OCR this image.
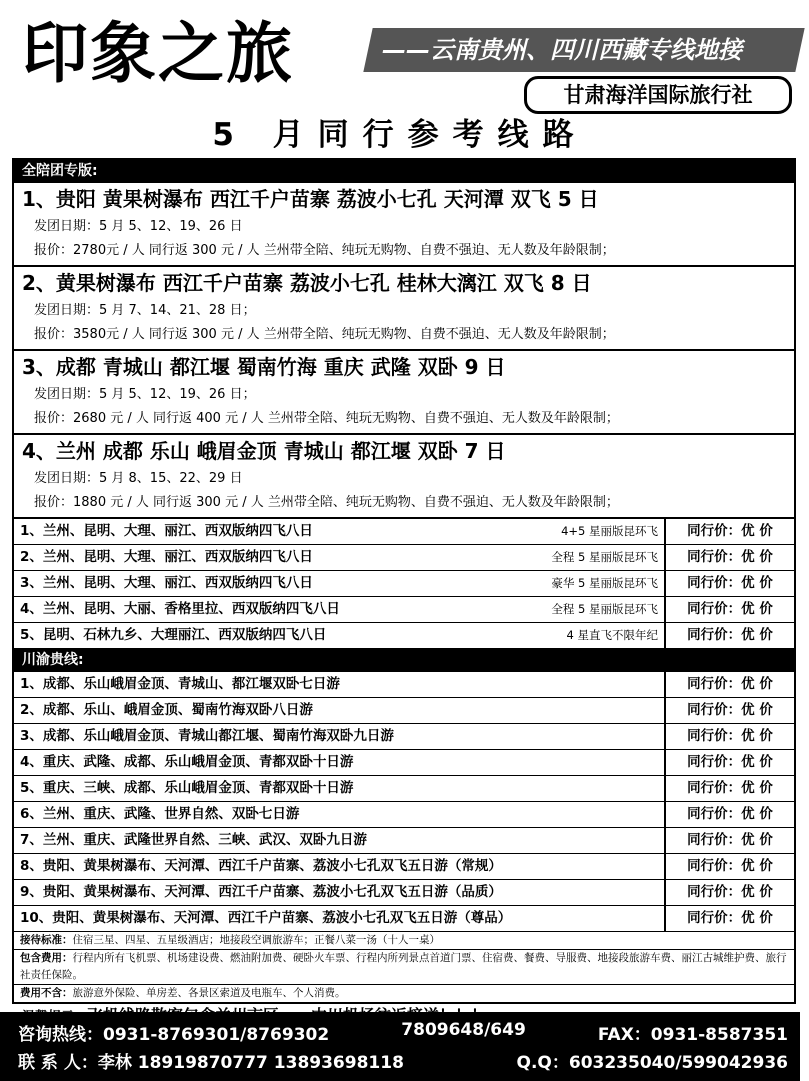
印象之旅	——云南贵州、四川西藏专线地接
甘肃海洋国际旅行社
5 月同行参考线路
全陪团专版:
1、贵阳 黄果树瀑布 西江千户苗寨 荔波小七孔 天河潭 双飞 5 日
发团日期：5 月 5、12、19、26 日
报价：2780元 / 人 同行返 300 元 / 人 兰州带全陪、纯玩无购物、自费不强迫、无人数及年龄限制；
2、黄果树瀑布 西江千户苗寨 荔波小七孔 桂林大漓江 双飞 8 日
发团日期：5 月 7、14、21、28 日；
报价：3580元 / 人 同行返 300 元 / 人 兰州带全陪、纯玩无购物、自费不强迫、无人数及年龄限制；
3、成都 青城山 都江堰 蜀南竹海 重庆 武隆 双卧 9 日
发团日期：5 月 5、12、19、26 日；
报价：2680 元 / 人 同行返 400 元 / 人 兰州带全陪、纯玩无购物、自费不强迫、无人数及年龄限制；
4、兰州 成都 乐山 峨眉金顶 青城山 都江堰 双卧 7 日
发团日期：5 月 8、15、22、29 日
报价：1880 元 / 人 同行返 300 元 / 人 兰州带全陪、纯玩无购物、自费不强迫、无人数及年龄限制；
1、兰州、昆明、大理、丽江、西双版纳四飞八日	4+5 星丽版昆环飞	同行价：优 价
2、兰州、昆明、大理、丽江、西双版纳四飞八日	全程 5 星丽版昆环飞	同行价：优 价
3、兰州、昆明、大理、丽江、西双版纳四飞八日	豪华 5 星丽版昆环飞	同行价：优 价
4、兰州、昆明、大丽、香格里拉、西双版纳四飞八日	全程 5 星丽版昆环飞	同行价：优 价
5、昆明、石林九乡、大理丽江、西双版纳四飞八日	4 星直飞不限年纪	同行价：优 价
川渝贵线:
1、成都、乐山峨眉金顶、青城山、都江堰双卧七日游	同行价：优 价
2、成都、乐山、峨眉金顶、蜀南竹海双卧八日游	同行价：优 价
3、成都、乐山峨眉金顶、青城山都江堰、蜀南竹海双卧九日游	同行价：优 价
4、重庆、武隆、成都、乐山峨眉金顶、青都双卧十日游	同行价：优 价
5、重庆、三峡、成都、乐山峨眉金顶、青都双卧十日游	同行价：优 价
6、兰州、重庆、武隆、世界自然、双卧七日游	同行价：优 价
7、兰州、重庆、武隆世界自然、三峡、武汉、双卧九日游	同行价：优 价
8、贵阳、黄果树瀑布、天河潭、西江千户苗寨、荔波小七孔双飞五日游（常规）	同行价：优 价
9、贵阳、黄果树瀑布、天河潭、西江千户苗寨、荔波小七孔双飞五日游（品质）	同行价：优 价
10、贵阳、黄果树瀑布、天河潭、西江千户苗寨、荔波小七孔双飞五日游（尊品）	同行价：优 价
接待标准：住宿三星、四星、五星级酒店；地接段空调旅游车；正餐八菜一汤（十人一桌）
包含费用：行程内所有飞机票、机场建设费、燃油附加费、硬卧火车票、行程内所列景点首道门票、住宿费、餐费、导服费、地接段旅游车费、丽江古城维护费、旅行社责任保险。
费用不含：旅游意外保险、单房差、各景区索道及电瓶车、个人消费。
咨询热线：0931-8769301/8769302	7809648/649	FAX：0931-8587351
联 系 人：李林 18919870777 13893698118	Q.Q：603235040/599042936
